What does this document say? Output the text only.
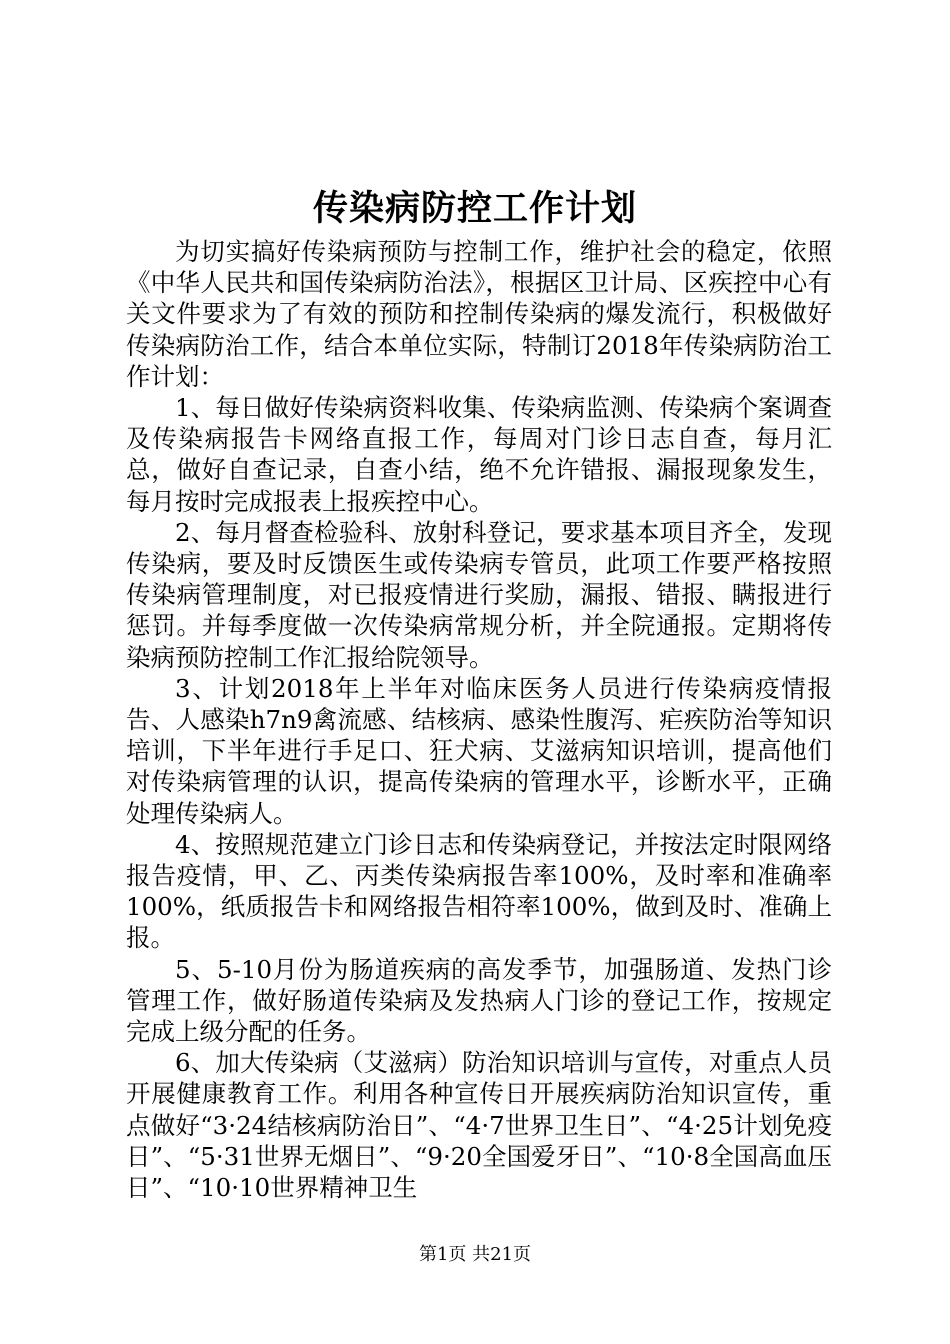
传染病防控工作计划

为切实搞好传染病预防与控制工作，维护社会的稳定，依照《中华人民共和国传染病防治法》，根据区卫计局、区疾控中心有关文件要求为了有效的预防和控制传染病的爆发流行，积极做好传染病防治工作，结合本单位实际，特制订2018年传染病防治工作计划：

1、每日做好传染病资料收集、传染病监测、传染病个案调查及传染病报告卡网络直报工作，每周对门诊日志自查，每月汇总，做好自查记录，自查小结，绝不允许错报、漏报现象发生，每月按时完成报表上报疾控中心。

2、每月督查检验科、放射科登记，要求基本项目齐全，发现传染病，要及时反馈医生或传染病专管员，此项工作要严格按照传染病管理制度，对已报疫情进行奖励，漏报、错报、瞒报进行惩罚。并每季度做一次传染病常规分析，并全院通报。定期将传染病预防控制工作汇报给院领导。

3、计划2018年上半年对临床医务人员进行传染病疫情报告、人感染h7n9禽流感、结核病、感染性腹泻、疟疾防治等知识培训，下半年进行手足口、狂犬病、艾滋病知识培训，提高他们对传染病管理的认识，提高传染病的管理水平，诊断水平，正确处理传染病人。

4、按照规范建立门诊日志和传染病登记，并按法定时限网络报告疫情，甲、乙、丙类传染病报告率100%，及时率和准确率100%，纸质报告卡和网络报告相符率100%，做到及时、准确上报。

5、5-10月份为肠道疾病的高发季节，加强肠道、发热门诊管理工作，做好肠道传染病及发热病人门诊的登记工作，按规定完成上级分配的任务。

6、加大传染病（艾滋病）防治知识培训与宣传，对重点人员开展健康教育工作。利用各种宣传日开展疾病防治知识宣传，重点做好“3·24结核病防治日”、“4·7世界卫生日”、“4·25计划免疫日”、“5·31世界无烟日”、“9·20全国爱牙日”、“10·8全国高血压日”、“10·10世界精神卫生

第1页 共21页
